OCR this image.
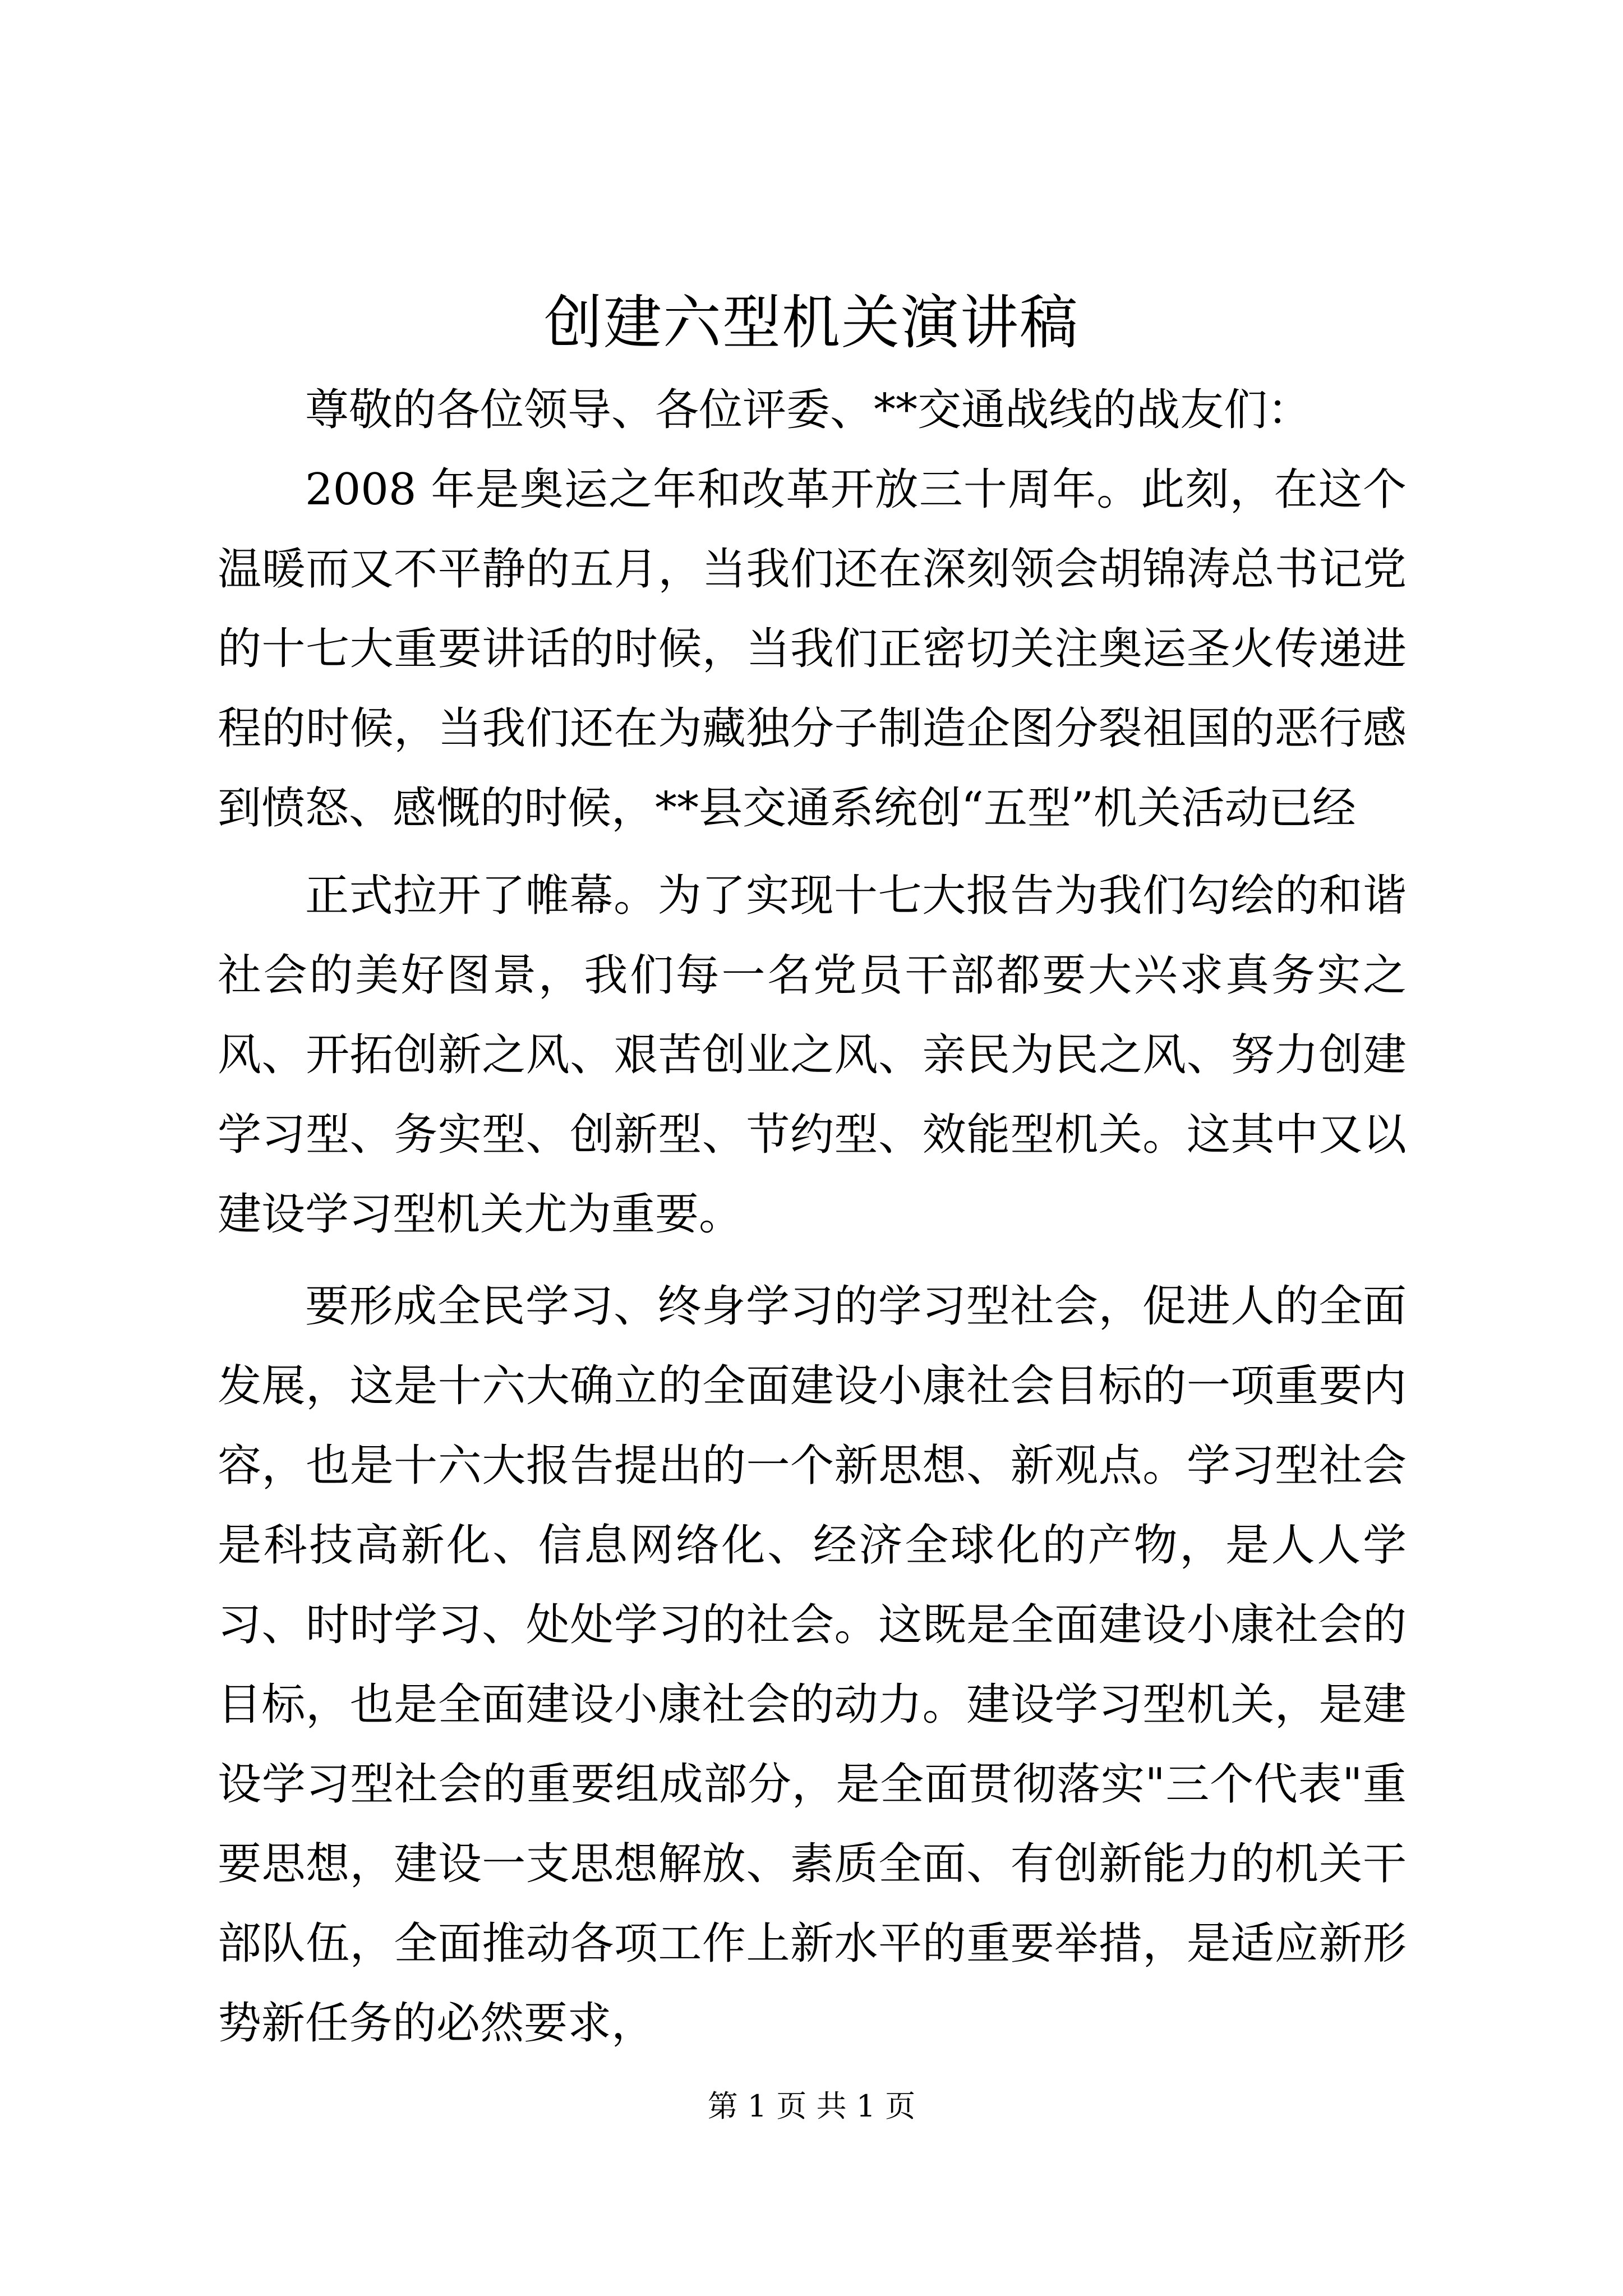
创建六型机关演讲稿

尊敬的各位领导、各位评委、**交通战线的战友们：

2008 年是奥运之年和改革开放三十周年。此刻，在这个温暖而又不平静的五月，当我们还在深刻领会胡锦涛总书记党的十七大重要讲话的时候，当我们正密切关注奥运圣火传递进程的时候，当我们还在为藏独分子制造企图分裂祖国的恶行感到愤怒、感慨的时候，**县交通系统创“五型”机关活动已经

正式拉开了帷幕。为了实现十七大报告为我们勾绘的和谐社会的美好图景，我们每一名党员干部都要大兴求真务实之风、开拓创新之风、艰苦创业之风、亲民为民之风、努力创建学习型、务实型、创新型、节约型、效能型机关。这其中又以建设学习型机关尤为重要。

要形成全民学习、终身学习的学习型社会，促进人的全面发展，这是十六大确立的全面建设小康社会目标的一项重要内容，也是十六大报告提出的一个新思想、新观点。学习型社会是科技高新化、信息网络化、经济全球化的产物，是人人学习、时时学习、处处学习的社会。这既是全面建设小康社会的目标，也是全面建设小康社会的动力。建设学习型机关，是建设学习型社会的重要组成部分，是全面贯彻落实"三个代表"重要思想，建设一支思想解放、素质全面、有创新能力的机关干部队伍，全面推动各项工作上新水平的重要举措，是适应新形势新任务的必然要求，

第 1 页 共 1 页
